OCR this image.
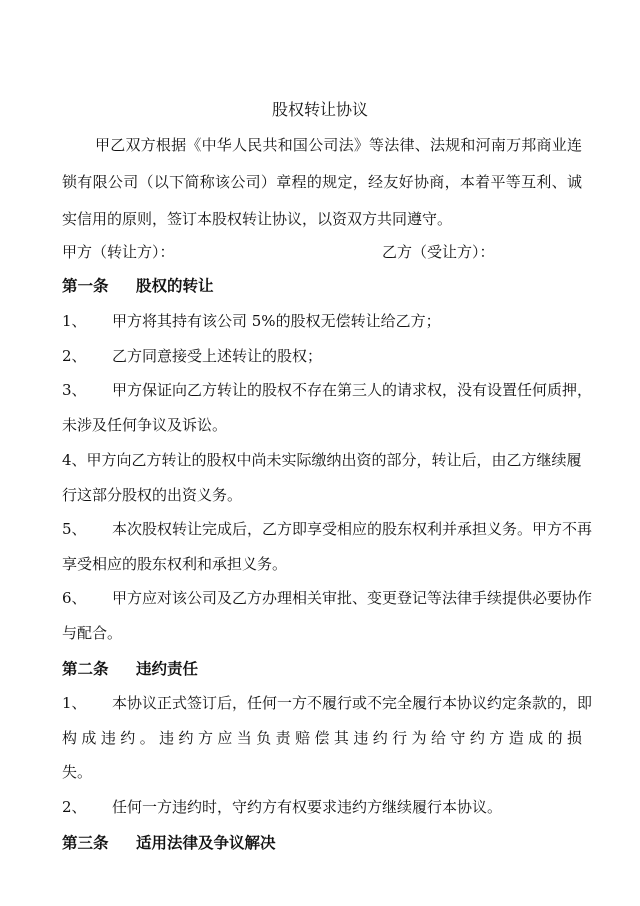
股权转让协议
甲乙双方根据《中华人民共和国公司法》等法律、法规和河南万邦商业连
锁有限公司（以下简称该公司）章程的规定，经友好协商，本着平等互利、诚
实信用的原则，签订本股权转让协议，以资双方共同遵守。
甲方（转让方）：	乙方（受让方）：
第一条 股权的转让
1、 甲方将其持有该公司 5%的股权无偿转让给乙方；
2、 乙方同意接受上述转让的股权；
3、 甲方保证向乙方转让的股权不存在第三人的请求权，没有设置任何质押，
未涉及任何争议及诉讼。
4、甲方向乙方转让的股权中尚未实际缴纳出资的部分，转让后，由乙方继续履
行这部分股权的出资义务。
5、 本次股权转让完成后，乙方即享受相应的股东权利并承担义务。甲方不再
享受相应的股东权利和承担义务。
6、 甲方应对该公司及乙方办理相关审批、变更登记等法律手续提供必要协作
与配合。
第二条 违约责任
1、 本协议正式签订后，任何一方不履行或不完全履行本协议约定条款的，即
构成违约。违约方应当负责赔偿其违约行为给守约方造成的损
失。
2、 任何一方违约时，守约方有权要求违约方继续履行本协议。
第三条 适用法律及争议解决
